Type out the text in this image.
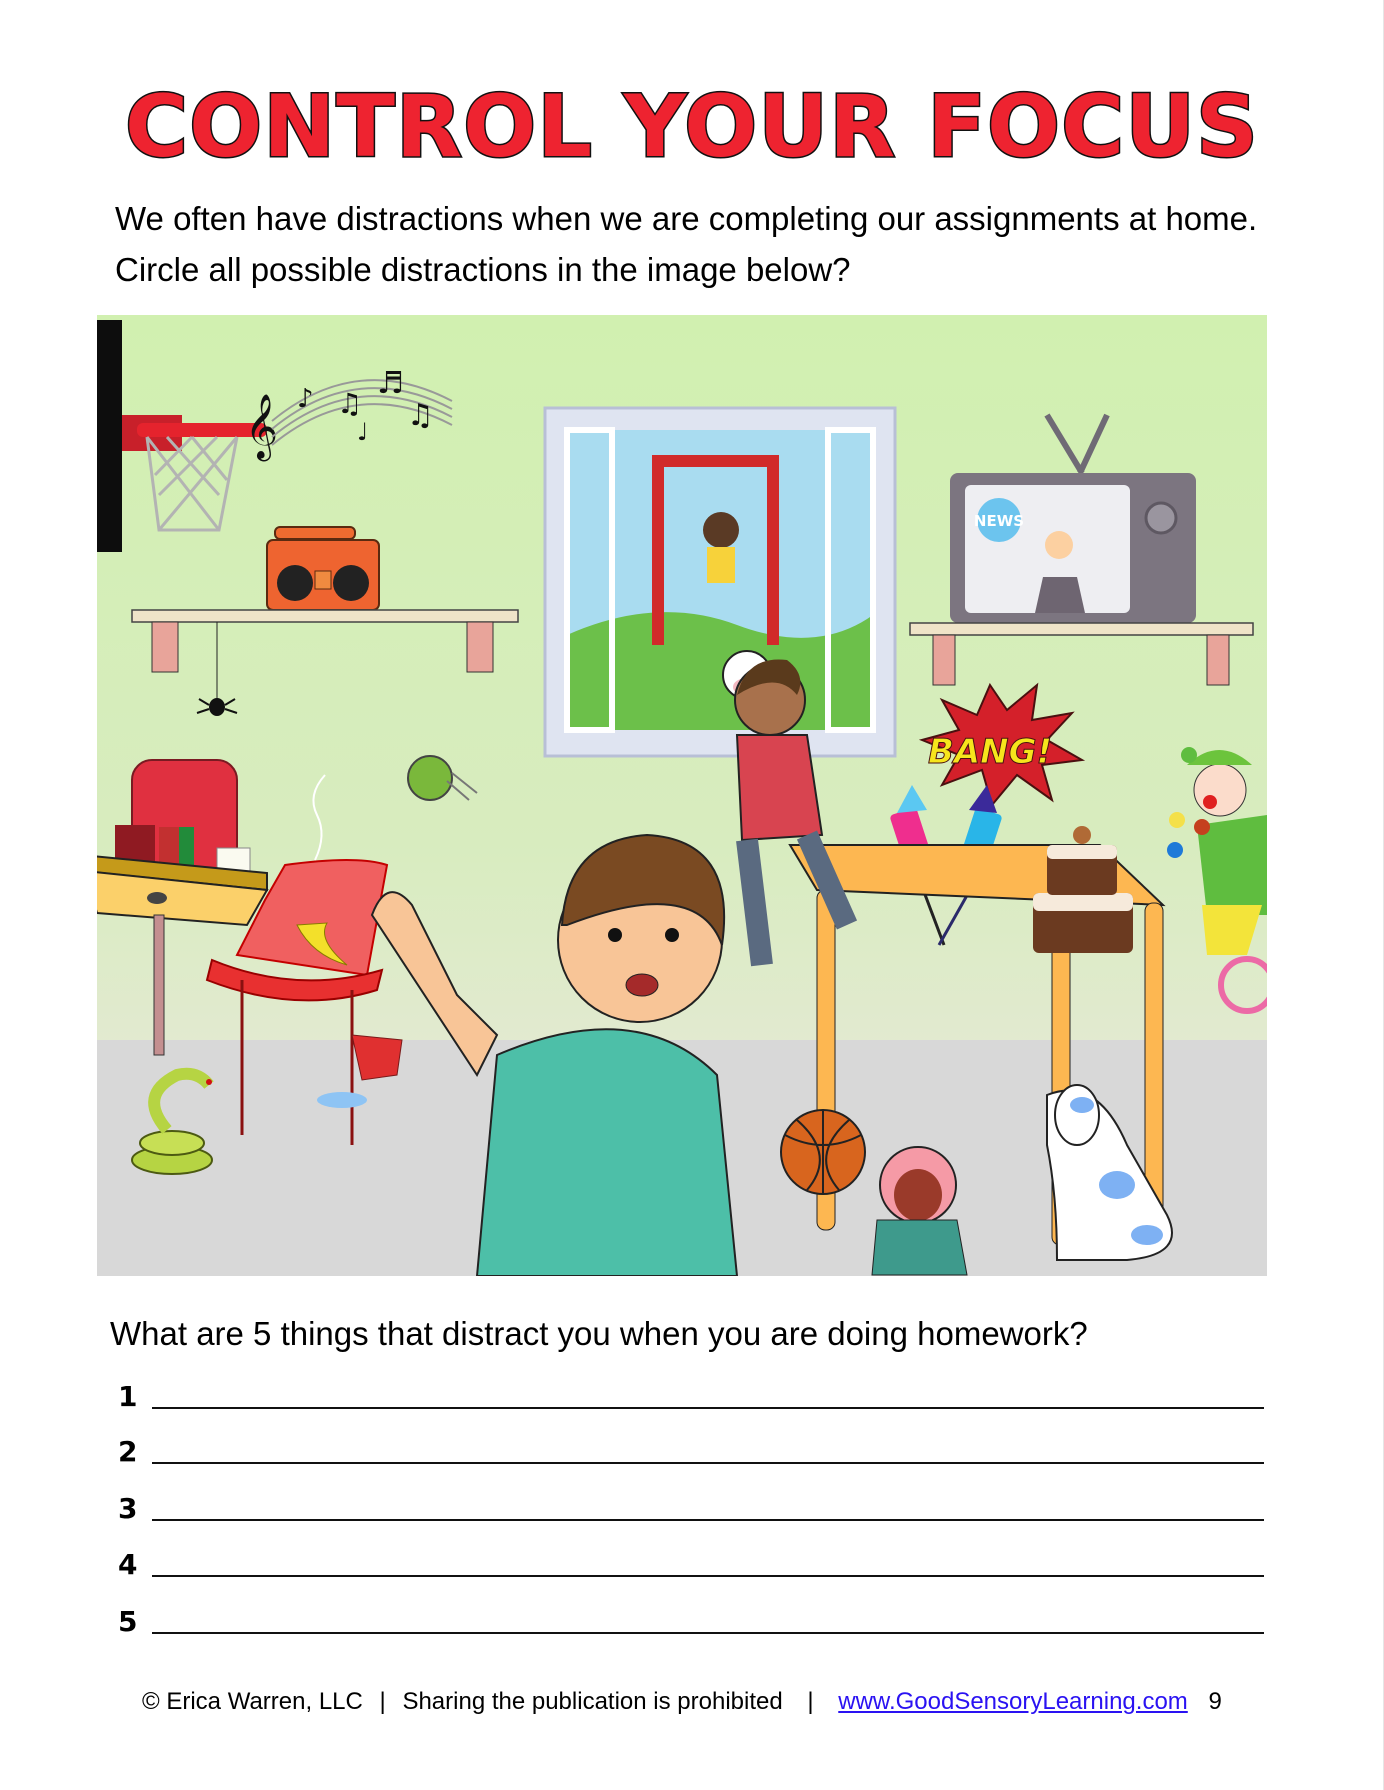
CONTROL YOUR FOCUS

We often have distractions when we are completing our assignments at home. Circle all possible distractions in the image below?

𝄞 ♪ ♫
♬
♫
♩
NEWS
BANG!
What are 5 things that distract you when you are doing homework?
1
2
3
4
5
© Erica Warren, LLC | Sharing the publication is prohibited | www.GoodSensoryLearning.com 9
